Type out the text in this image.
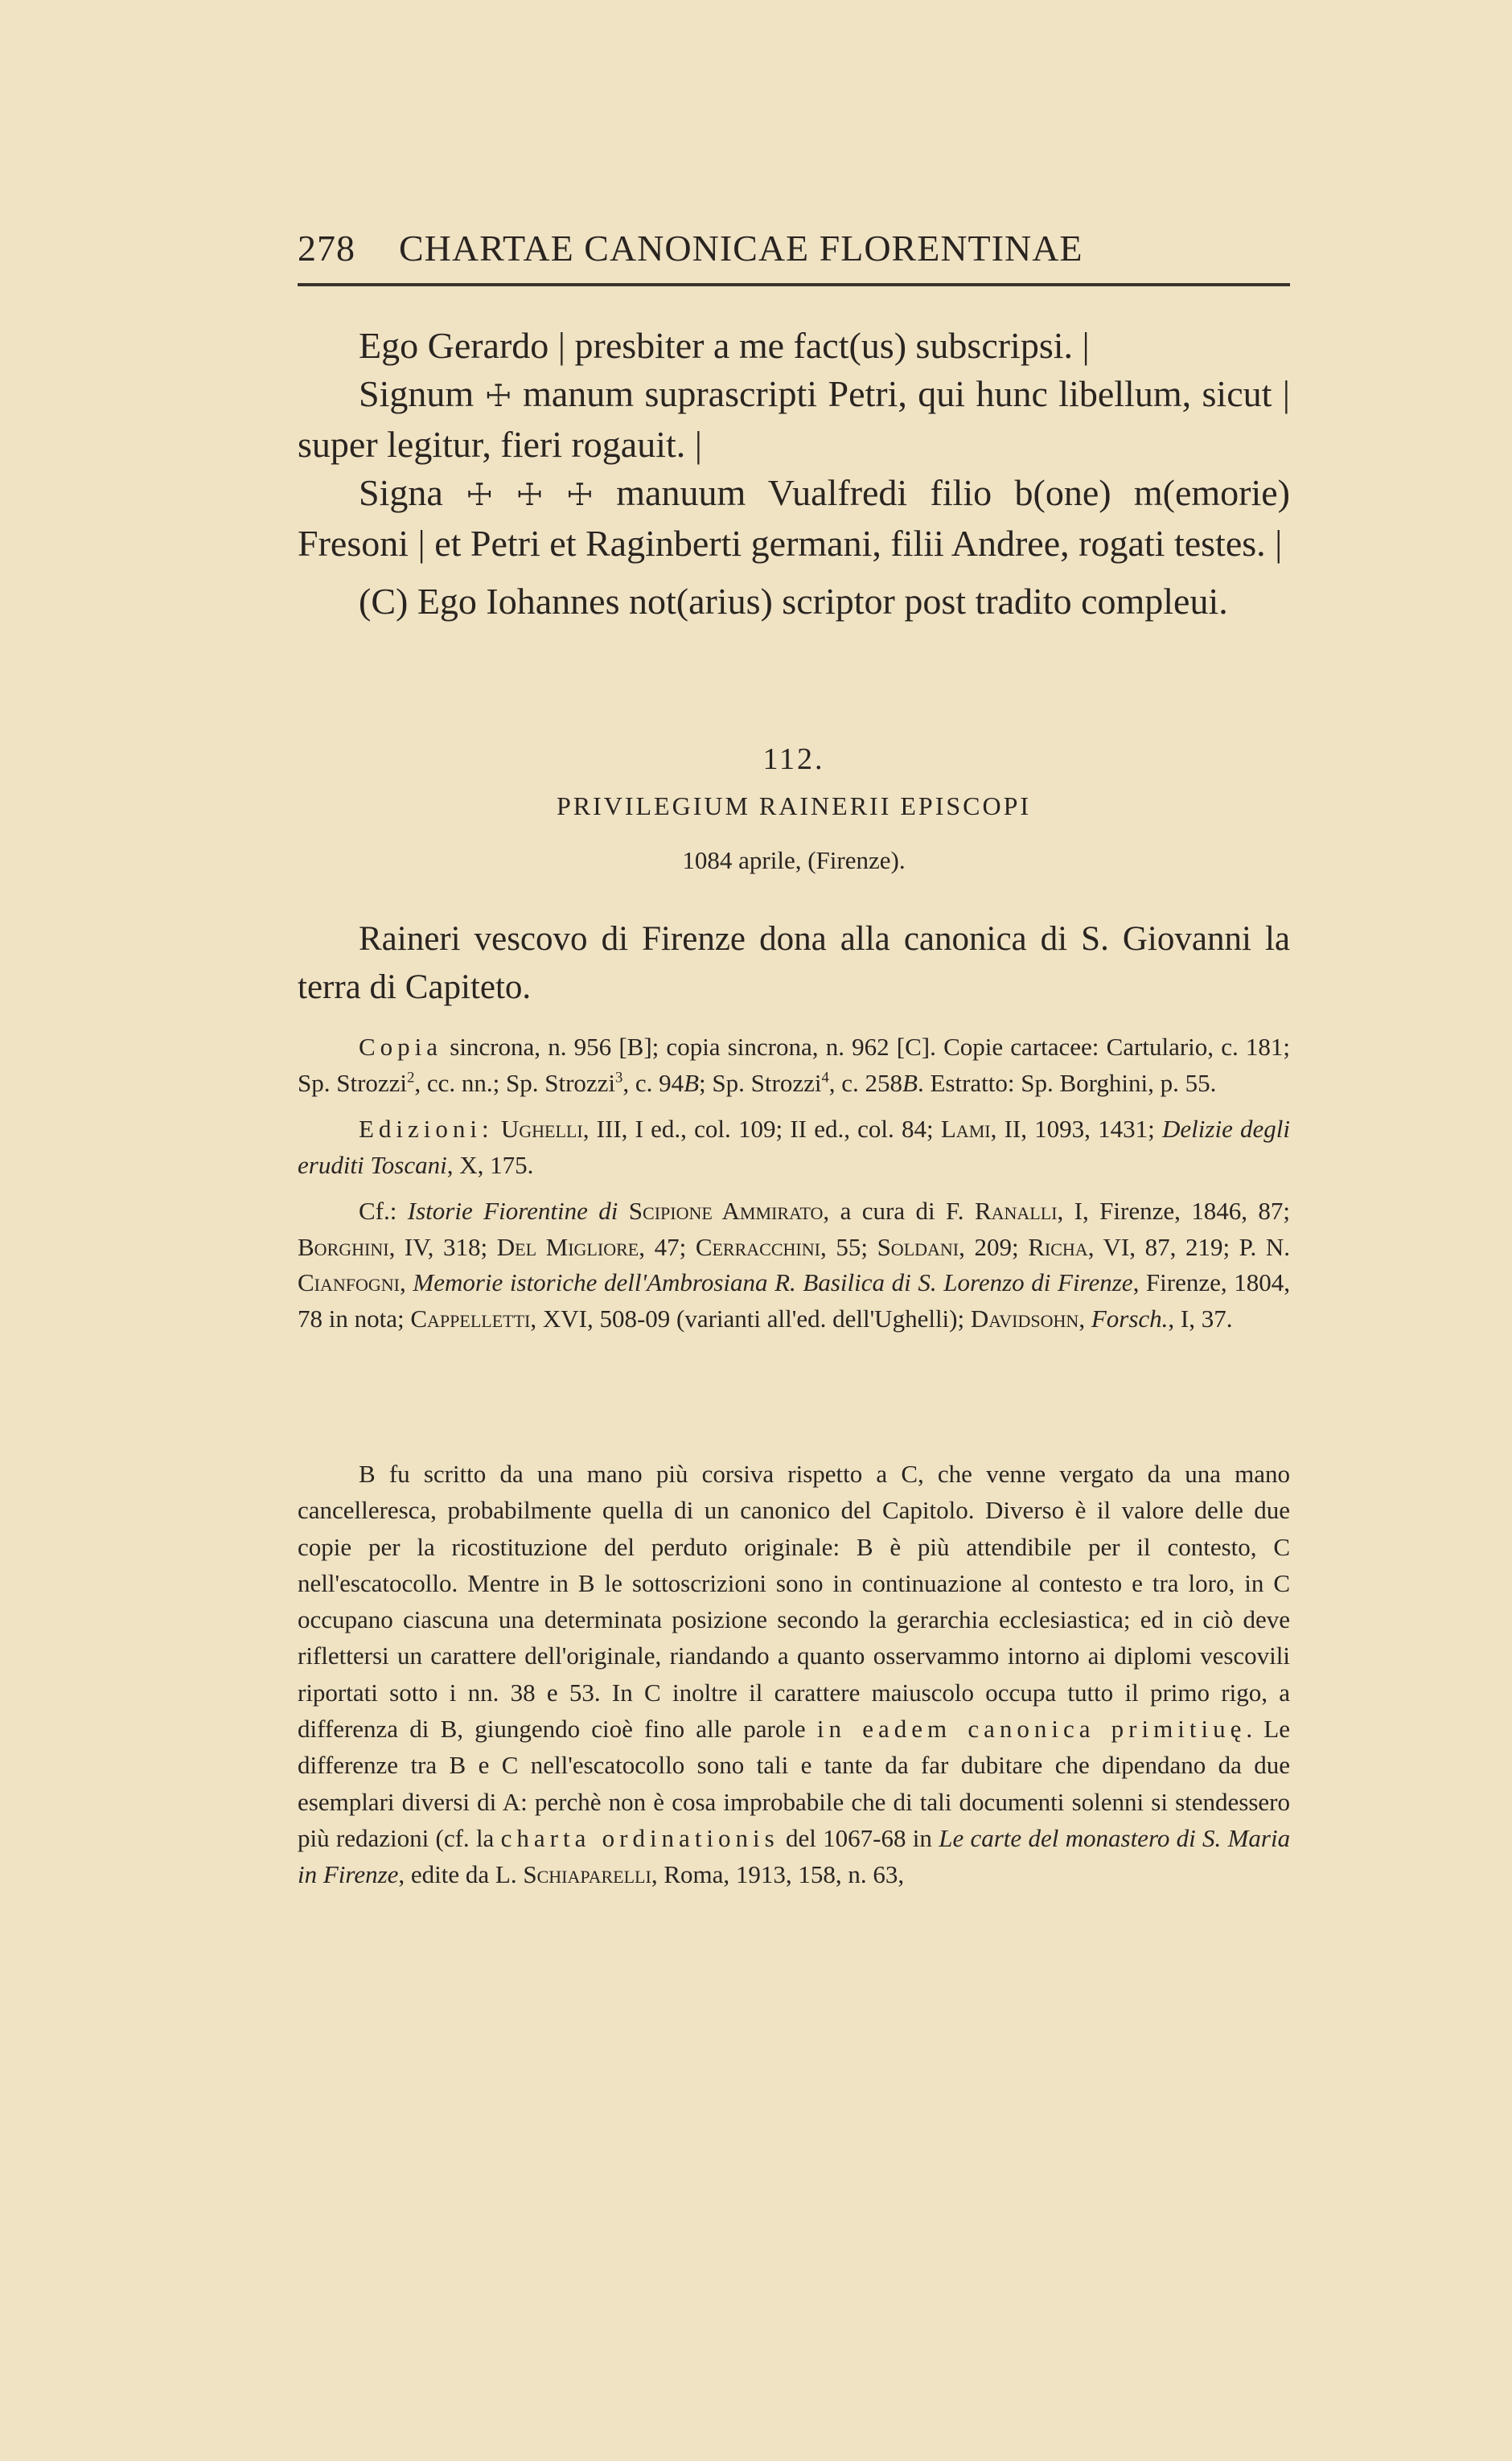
278 CHARTAE CANONICAE FLORENTINAE

Ego Gerardo | presbiter a me fact(us) subscripsi. |

Signum ☩ manum suprascripti Petri, qui hunc libellum, sicut | super legitur, fieri rogauit. |

Signa ☩ ☩ ☩ manuum Vualfredi filio b(one) m(emorie) Fresoni | et Petri et Raginberti germani, filii Andree, rogati testes. |

(C) Ego Iohannes not(arius) scriptor post tradito compleui.

112.
PRIVILEGIUM RAINERII EPISCOPI
1084 aprile, (Firenze).

Raineri vescovo di Firenze dona alla canonica di S. Giovanni la terra di Capiteto.

Copia sincrona, n. 956 [B]; copia sincrona, n. 962 [C]. Copie cartacee: Cartulario, c. 181; Sp. Strozzi$^2$, cc. nn.; Sp. Strozzi$^3$, c. 94B; Sp. Strozzi$^4$, c. 258B. Estratto: Sp. Borghini, p. 55.

Edizioni: Ughelli, III, I ed., col. 109; II ed., col. 84; Lami, II, 1093, 1431; Delizie degli eruditi Toscani, X, 175.

Cf.: Istorie Fiorentine di Scipione Ammirato, a cura di F. Ranalli, I, Firenze, 1846, 87; Borghini, IV, 318; Del Migliore, 47; Cerracchini, 55; Soldani, 209; Richa, VI, 87, 219; P. N. Cianfogni, Memorie istoriche dell'Ambrosiana R. Basilica di S. Lorenzo di Firenze, Firenze, 1804, 78 in nota; Cappelletti, XVI, 508-09 (varianti all'ed. dell'Ughelli); Davidsohn, Forsch., I, 37.

B fu scritto da una mano più corsiva rispetto a C, che venne vergato da una mano cancelleresca, probabilmente quella di un canonico del Capitolo. Diverso è il valore delle due copie per la ricostituzione del perduto originale: B è più attendibile per il contesto, C nell'escatocollo. Mentre in B le sottoscrizioni sono in continuazione al contesto e tra loro, in C occupano ciascuna una determinata posizione secondo la gerarchia ecclesiastica; ed in ciò deve riflettersi un carattere dell'originale, riandando a quanto osservammo intorno ai diplomi vescovili riportati sotto i nn. 38 e 53. In C inoltre il carattere maiuscolo occupa tutto il primo rigo, a differenza di B, giungendo cioè fino alle parole in eadem canonica primitiuę. Le differenze tra B e C nell'escatocollo sono tali e tante da far dubitare che dipendano da due esemplari diversi di A: perchè non è cosa improbabile che di tali documenti solenni si stendessero più redazioni (cf. la charta ordinationis del 1067-68 in Le carte del monastero di S. Maria in Firenze, edite da L. Schiaparelli, Roma, 1913, 158, n. 63,
